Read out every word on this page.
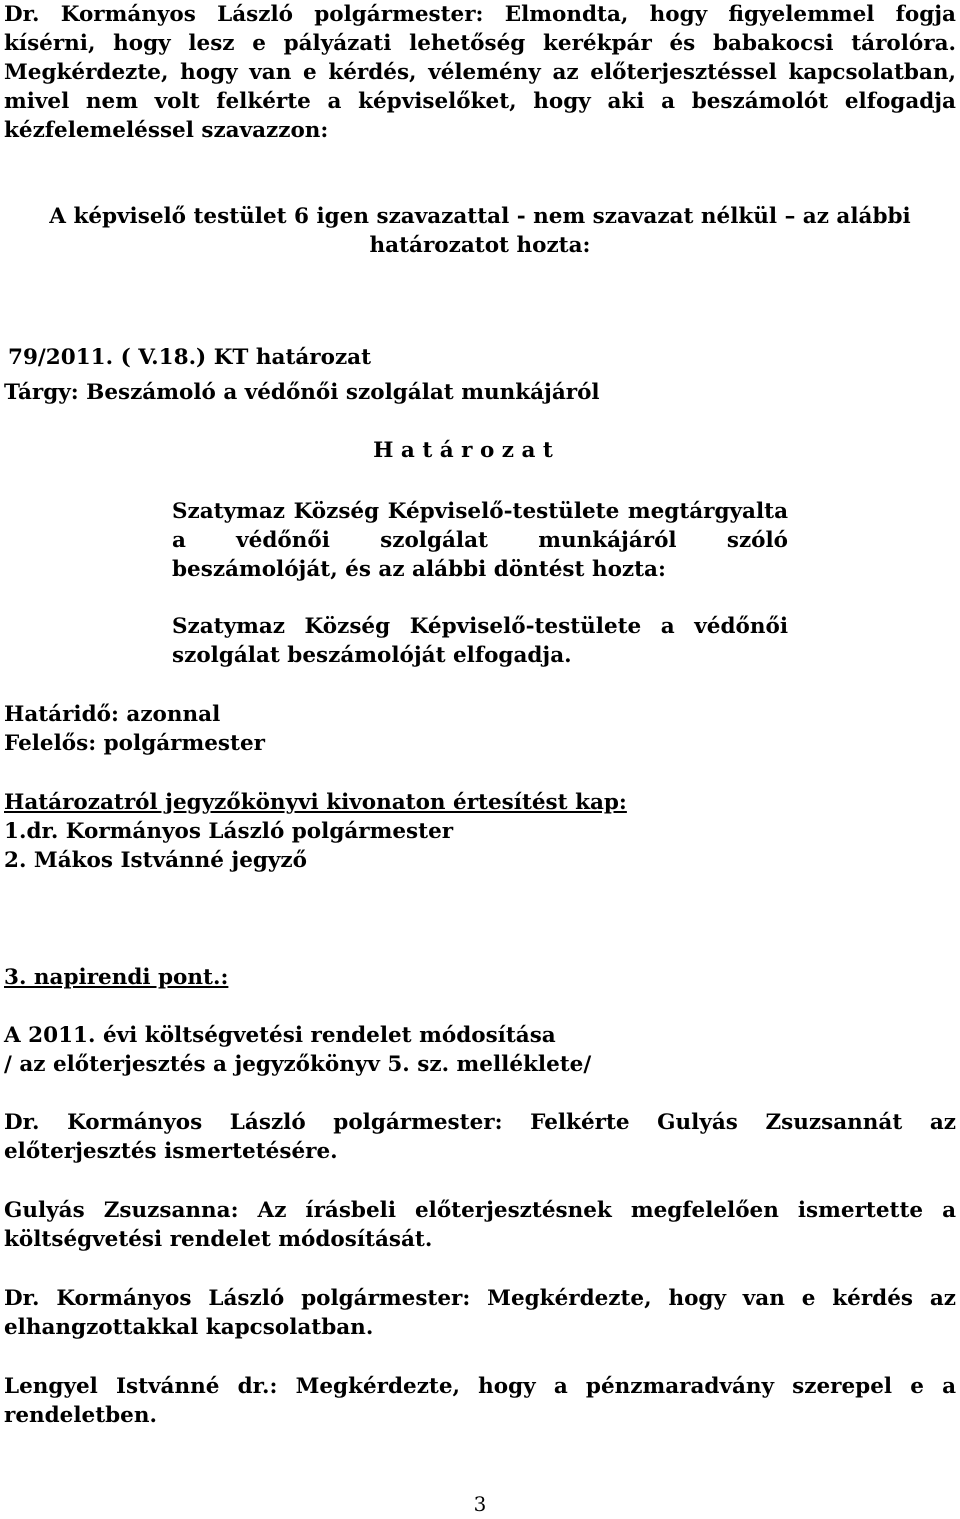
Dr. Kormányos László polgármester: Elmondta, hogy figyelemmel fogja
kísérni, hogy lesz e pályázati lehetőség kerékpár és babakocsi tárolóra.
Megkérdezte, hogy van e kérdés, vélemény az előterjesztéssel kapcsolatban,
mivel nem volt felkérte a képviselőket, hogy aki a beszámolót elfogadja
kézfelemeléssel szavazzon:
A képviselő testület 6 igen szavazattal - nem szavazat nélkül – az alábbi
határozatot hozta:
79/2011. ( V.18.) KT határozat
Tárgy: Beszámoló a védőnői szolgálat munkájáról
H a t á r o z a t
Szatymaz Község Képviselő-testülete megtárgyalta
a védőnői szolgálat munkájáról szóló
beszámolóját, és az alábbi döntést hozta:
Szatymaz Község Képviselő-testülete a védőnői
szolgálat beszámolóját elfogadja.
Határidő: azonnal
Felelős: polgármester
Határozatról jegyzőkönyvi kivonaton értesítést kap:
1.dr. Kormányos László polgármester
2. Mákos Istvánné jegyző
3. napirendi pont.:
A 2011. évi költségvetési rendelet módosítása
/ az előterjesztés a jegyzőkönyv 5. sz. melléklete/
Dr. Kormányos László polgármester: Felkérte Gulyás Zsuzsannát az
előterjesztés ismertetésére.
Gulyás Zsuzsanna: Az írásbeli előterjesztésnek megfelelően ismertette a
költségvetési rendelet módosítását.
Dr. Kormányos László polgármester: Megkérdezte, hogy van e kérdés az
elhangzottakkal kapcsolatban.
Lengyel Istvánné dr.: Megkérdezte, hogy a pénzmaradvány szerepel e a
rendeletben.
3
